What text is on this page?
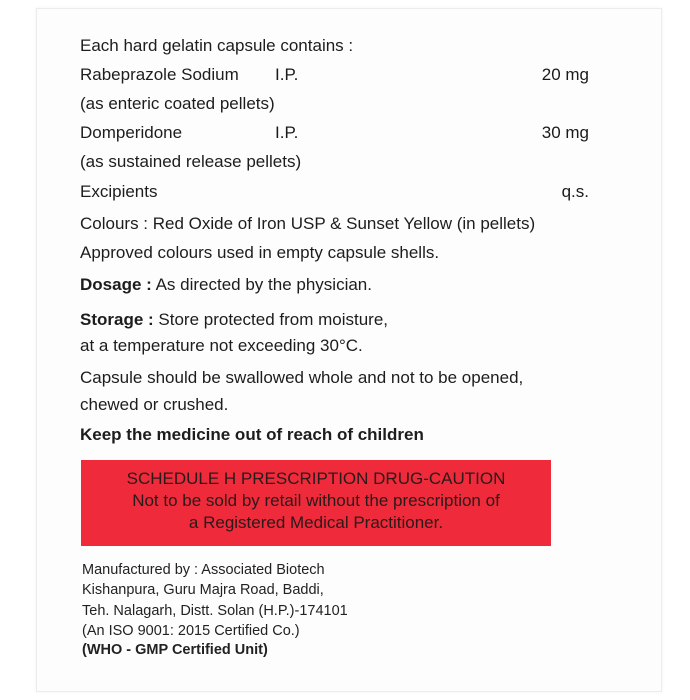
Each hard gelatin capsule contains :
Rabeprazole Sodium I.P.	20 mg
(as enteric coated pellets)
Domperidone	I.P.	30 mg
(as sustained release pellets)
Excipients	q.s.
Colours : Red Oxide of Iron USP & Sunset Yellow (in pellets)
Approved colours used in empty capsule shells.
Dosage : As directed by the physician.
Storage : Store protected from moisture,
at a temperature not exceeding 30°C.
Capsule should be swallowed whole and not to be opened,
chewed or crushed.
Keep the medicine out of reach of children
SCHEDULE H PRESCRIPTION DRUG-CAUTION
Not to be sold by retail without the prescription of
a Registered Medical Practitioner.
Manufactured by : Associated Biotech
Kishanpura, Guru Majra Road, Baddi,
Teh. Nalagarh, Distt. Solan (H.P.)-174101
(An ISO 9001: 2015 Certified Co.)
(WHO - GMP Certified Unit)
